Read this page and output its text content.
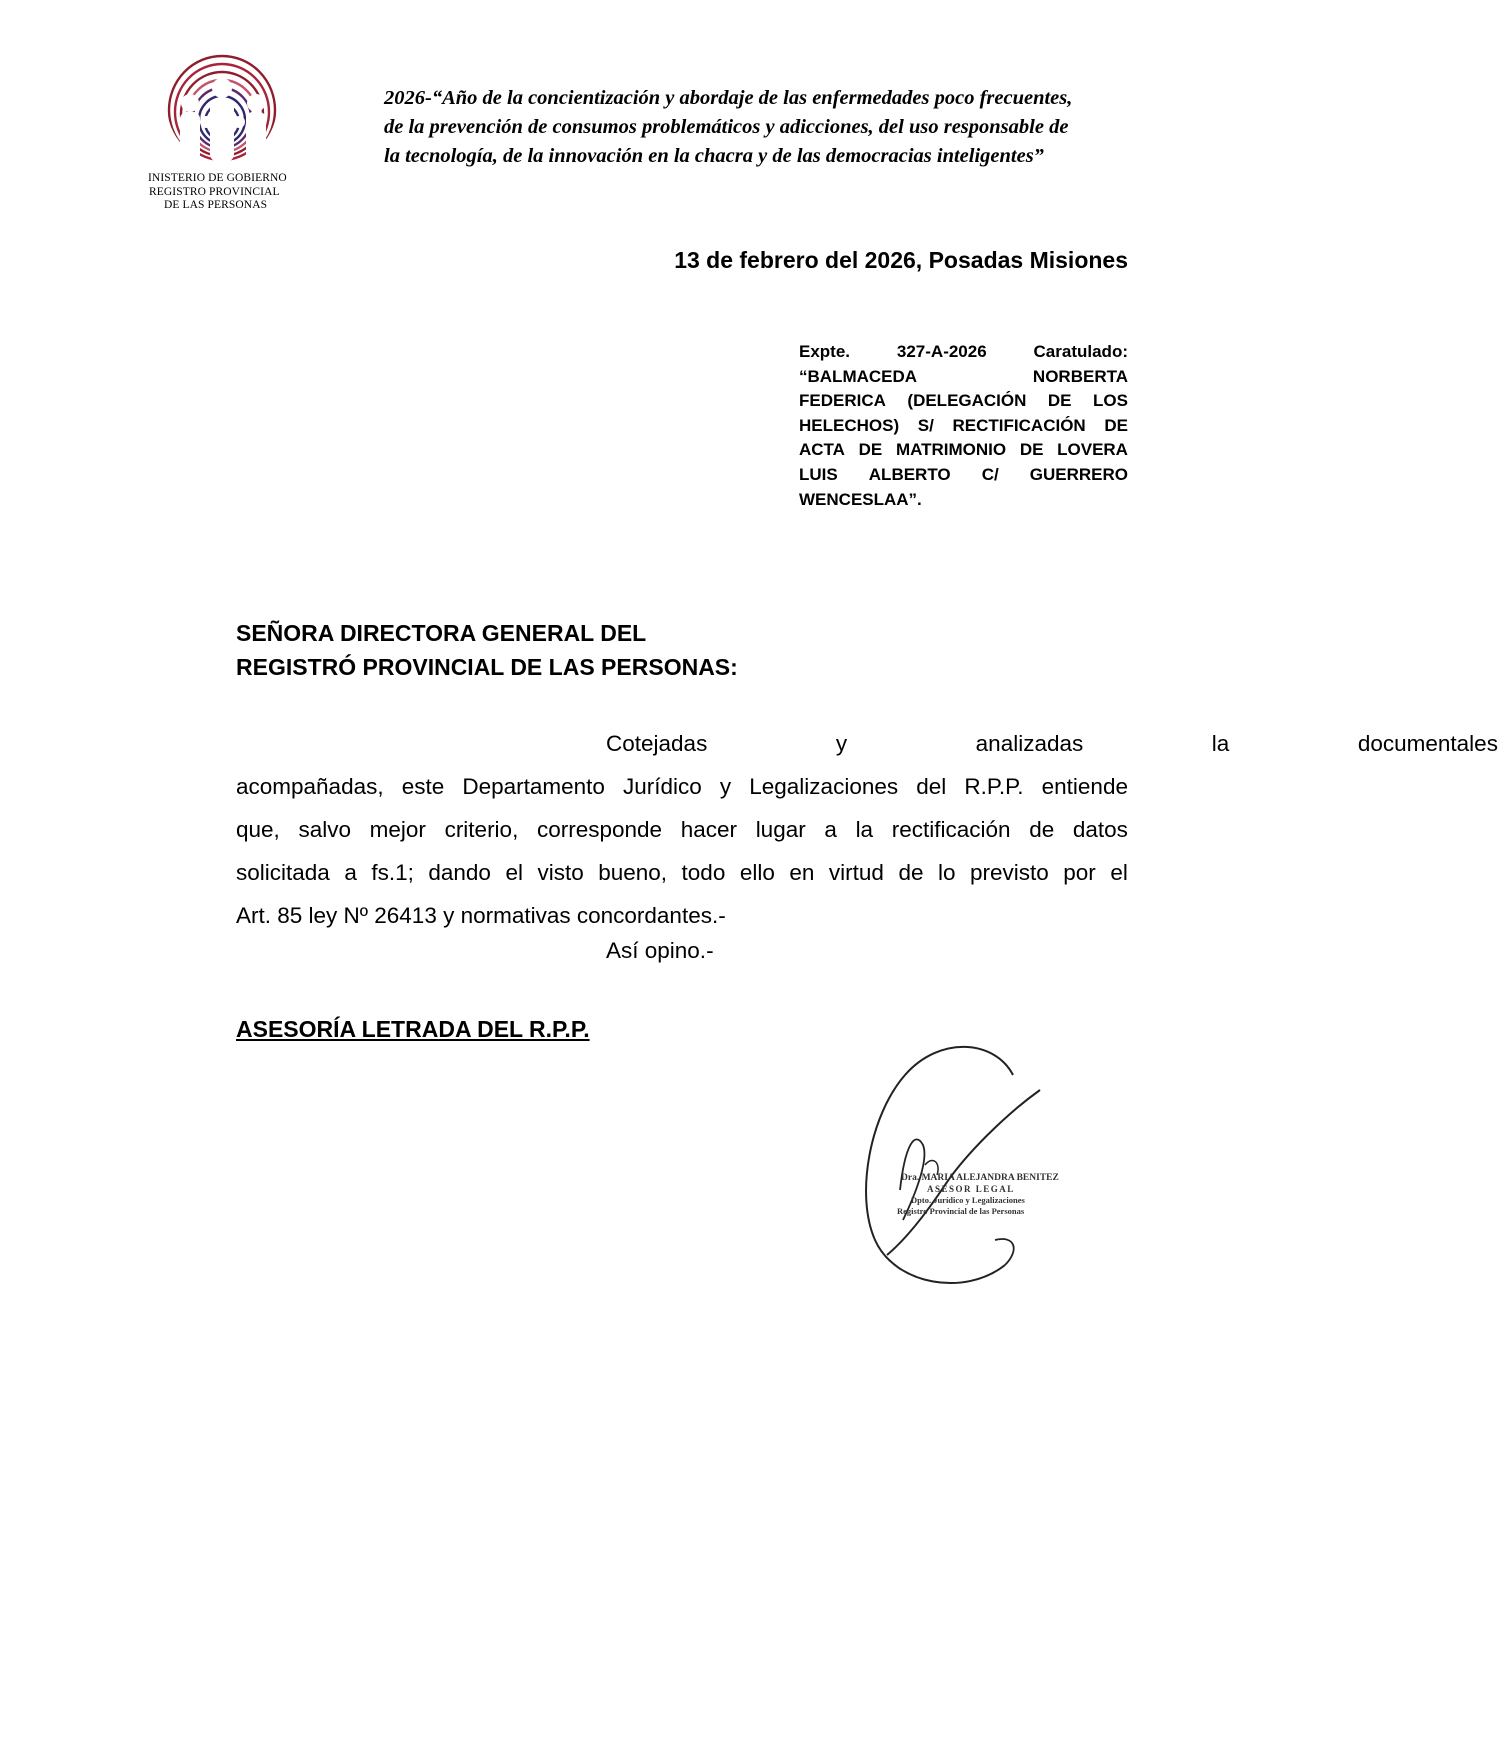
INISTERIO DE GOBIERNO
REGISTRO PROVINCIAL
DE LAS PERSONAS
2026-“Año de la concientización y abordaje de las enfermedades poco frecuentes,
de la prevención de consumos problemáticos y adicciones, del uso responsable de
la tecnología, de la innovación en la chacra y de las democracias inteligentes”
13 de febrero del 2026, Posadas Misiones
Expte.	327-A-2026	Caratulado:
“BALMACEDA	NORBERTA
FEDERICA (DELEGACIÓN DE LOS
HELECHOS) S/ RECTIFICACIÓN DE
ACTA DE MATRIMONIO DE LOVERA
LUIS ALBERTO C/ GUERRERO
WENCESLAA”.
SEÑORA DIRECTORA GENERAL DEL
REGISTRÓ PROVINCIAL DE LAS PERSONAS:
Cotejadas	y	analizadas	la	documentales
acompañadas, este Departamento Jurídico y Legalizaciones del R.P.P. entiende
que, salvo mejor criterio, corresponde hacer lugar a la rectificación de datos
solicitada a fs.1; dando el visto bueno, todo ello en virtud de lo previsto por el
Art. 85 ley Nº 26413 y normativas concordantes.-
Así opino.-
ASESORÍA LETRADA DEL R.P.P.
Dra. MARIA ALEJANDRA BENITEZ
ASESOR LEGAL
Dpto. Jurídico y Legalizaciones
Registro Provincial de las Personas
